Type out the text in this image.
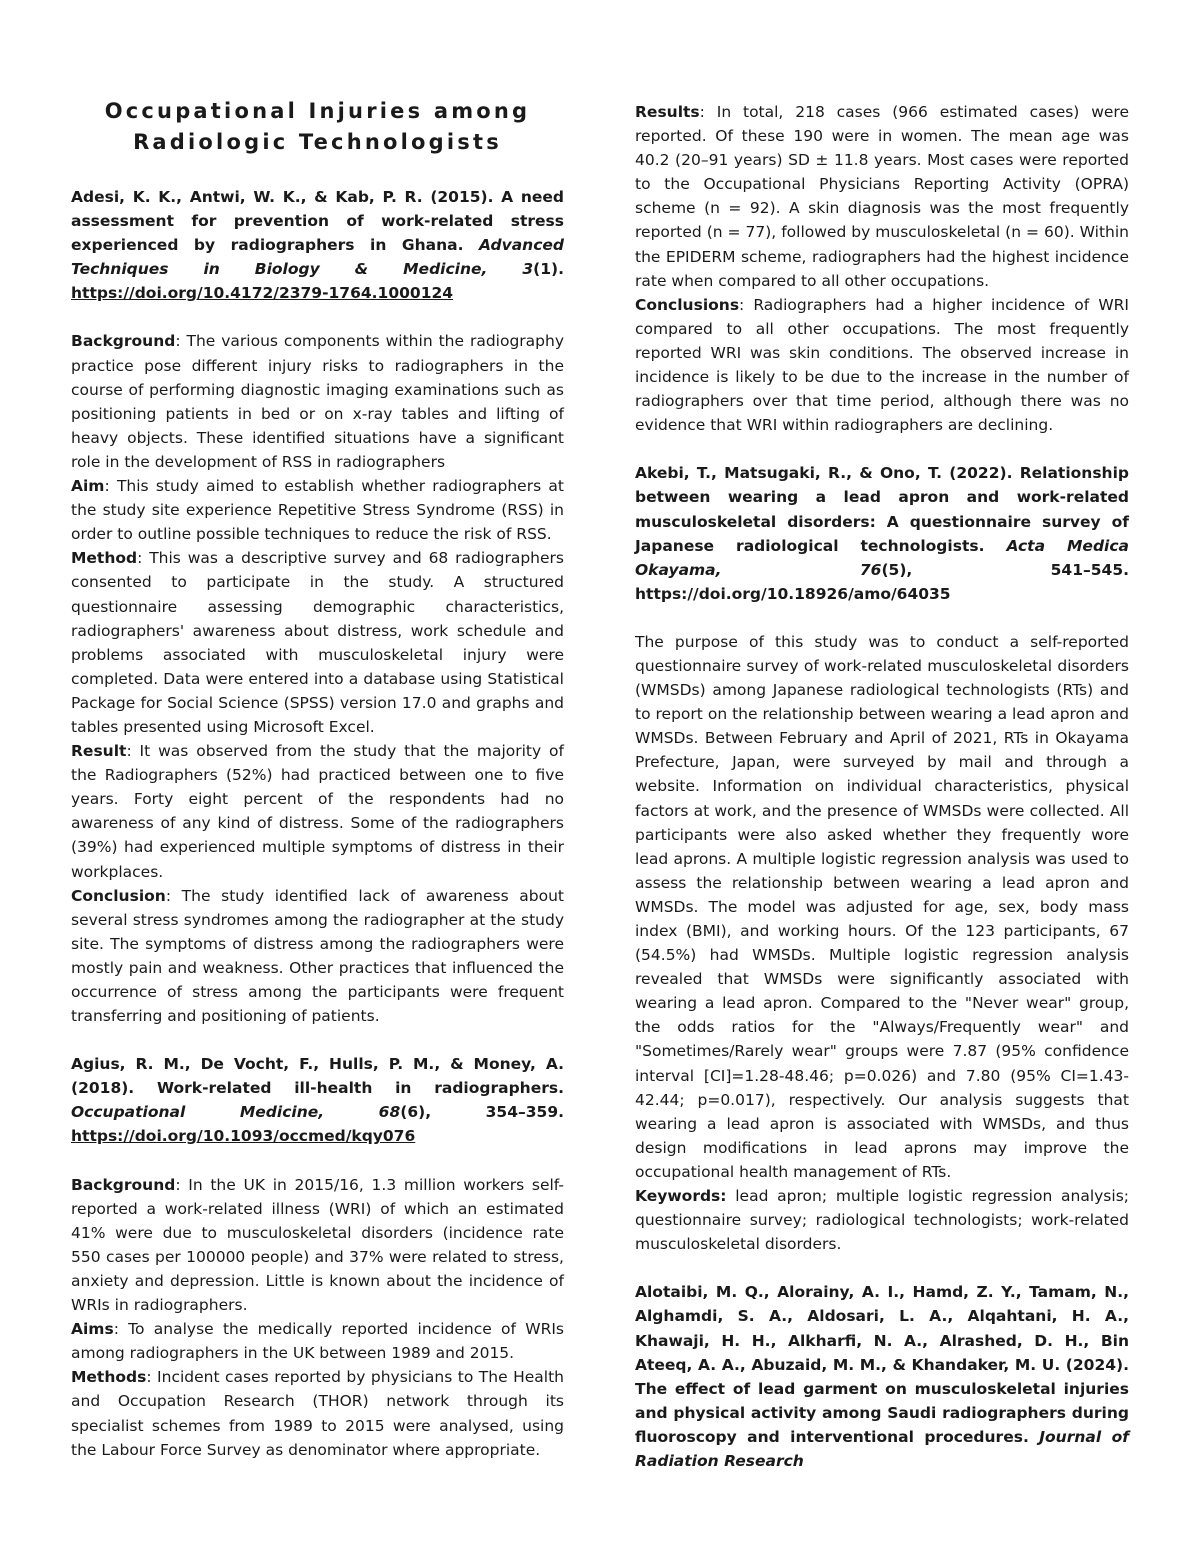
Occupational Injuries among Radiologic Technologists

Adesi, K. K., Antwi, W. K., & Kab, P. R. (2015). A need assessment for prevention of work-related stress experienced by radiographers in Ghana. Advanced Techniques in Biology & Medicine, 3(1). https://doi.org/10.4172/2379-1764.1000124

Background: The various components within the radiography practice pose different injury risks to radiographers in the course of performing diagnostic imaging examinations such as positioning patients in bed or on x-ray tables and lifting of heavy objects. These identified situations have a significant role in the development of RSS in radiographers

Aim: This study aimed to establish whether radiographers at the study site experience Repetitive Stress Syndrome (RSS) in order to outline possible techniques to reduce the risk of RSS.

Method: This was a descriptive survey and 68 radiographers consented to participate in the study. A structured questionnaire assessing demographic characteristics, radiographers' awareness about distress, work schedule and problems associated with musculoskeletal injury were completed. Data were entered into a database using Statistical Package for Social Science (SPSS) version 17.0 and graphs and tables presented using Microsoft Excel.

Result: It was observed from the study that the majority of the Radiographers (52%) had practiced between one to five years. Forty eight percent of the respondents had no awareness of any kind of distress. Some of the radiographers (39%) had experienced multiple symptoms of distress in their workplaces.

Conclusion: The study identified lack of awareness about several stress syndromes among the radiographer at the study site. The symptoms of distress among the radiographers were mostly pain and weakness. Other practices that influenced the occurrence of stress among the participants were frequent transferring and positioning of patients.

Agius, R. M., De Vocht, F., Hulls, P. M., & Money, A. (2018). Work-related ill-health in radiographers. Occupational Medicine, 68(6), 354–359. https://doi.org/10.1093/occmed/kqy076

Background: In the UK in 2015/16, 1.3 million workers self-reported a work-related illness (WRI) of which an estimated 41% were due to musculoskeletal disorders (incidence rate 550 cases per 100000 people) and 37% were related to stress, anxiety and depression. Little is known about the incidence of WRIs in radiographers.

Aims: To analyse the medically reported incidence of WRIs among radiographers in the UK between 1989 and 2015.

Methods: Incident cases reported by physicians to The Health and Occupation Research (THOR) network through its specialist schemes from 1989 to 2015 were analysed, using the Labour Force Survey as denominator where appropriate.

Results: In total, 218 cases (966 estimated cases) were reported. Of these 190 were in women. The mean age was 40.2 (20–91 years) SD ± 11.8 years. Most cases were reported to the Occupational Physicians Reporting Activity (OPRA) scheme (n = 92). A skin diagnosis was the most frequently reported (n = 77), followed by musculoskeletal (n = 60). Within the EPIDERM scheme, radiographers had the highest incidence rate when compared to all other occupations.

Conclusions: Radiographers had a higher incidence of WRI compared to all other occupations. The most frequently reported WRI was skin conditions. The observed increase in incidence is likely to be due to the increase in the number of radiographers over that time period, although there was no evidence that WRI within radiographers are declining.

Akebi, T., Matsugaki, R., & Ono, T. (2022). Relationship between wearing a lead apron and work-related musculoskeletal disorders: A questionnaire survey of Japanese radiological technologists. Acta Medica Okayama, 76(5), 541–545. https://doi.org/10.18926/amo/64035

The purpose of this study was to conduct a self-reported questionnaire survey of work-related musculoskeletal disorders (WMSDs) among Japanese radiological technologists (RTs) and to report on the relationship between wearing a lead apron and WMSDs. Between February and April of 2021, RTs in Okayama Prefecture, Japan, were surveyed by mail and through a website. Information on individual characteristics, physical factors at work, and the presence of WMSDs were collected. All participants were also asked whether they frequently wore lead aprons. A multiple logistic regression analysis was used to assess the relationship between wearing a lead apron and WMSDs. The model was adjusted for age, sex, body mass index (BMI), and working hours. Of the 123 participants, 67 (54.5%) had WMSDs. Multiple logistic regression analysis revealed that WMSDs were significantly associated with wearing a lead apron. Compared to the "Never wear" group, the odds ratios for the "Always/Frequently wear" and "Sometimes/Rarely wear" groups were 7.87 (95% confidence interval [CI]=1.28-48.46; p=0.026) and 7.80 (95% CI=1.43-42.44; p=0.017), respectively. Our analysis suggests that wearing a lead apron is associated with WMSDs, and thus design modifications in lead aprons may improve the occupational health management of RTs.

Keywords: lead apron; multiple logistic regression analysis; questionnaire survey; radiological technologists; work-related musculoskeletal disorders.

Alotaibi, M. Q., Alorainy, A. I., Hamd, Z. Y., Tamam, N., Alghamdi, S. A., Aldosari, L. A., Alqahtani, H. A., Khawaji, H. H., Alkharfi, N. A., Alrashed, D. H., Bin Ateeq, A. A., Abuzaid, M. M., & Khandaker, M. U. (2024). The effect of lead garment on musculoskeletal injuries and physical activity among Saudi radiographers during fluoroscopy and interventional procedures. Journal of Radiation Research
